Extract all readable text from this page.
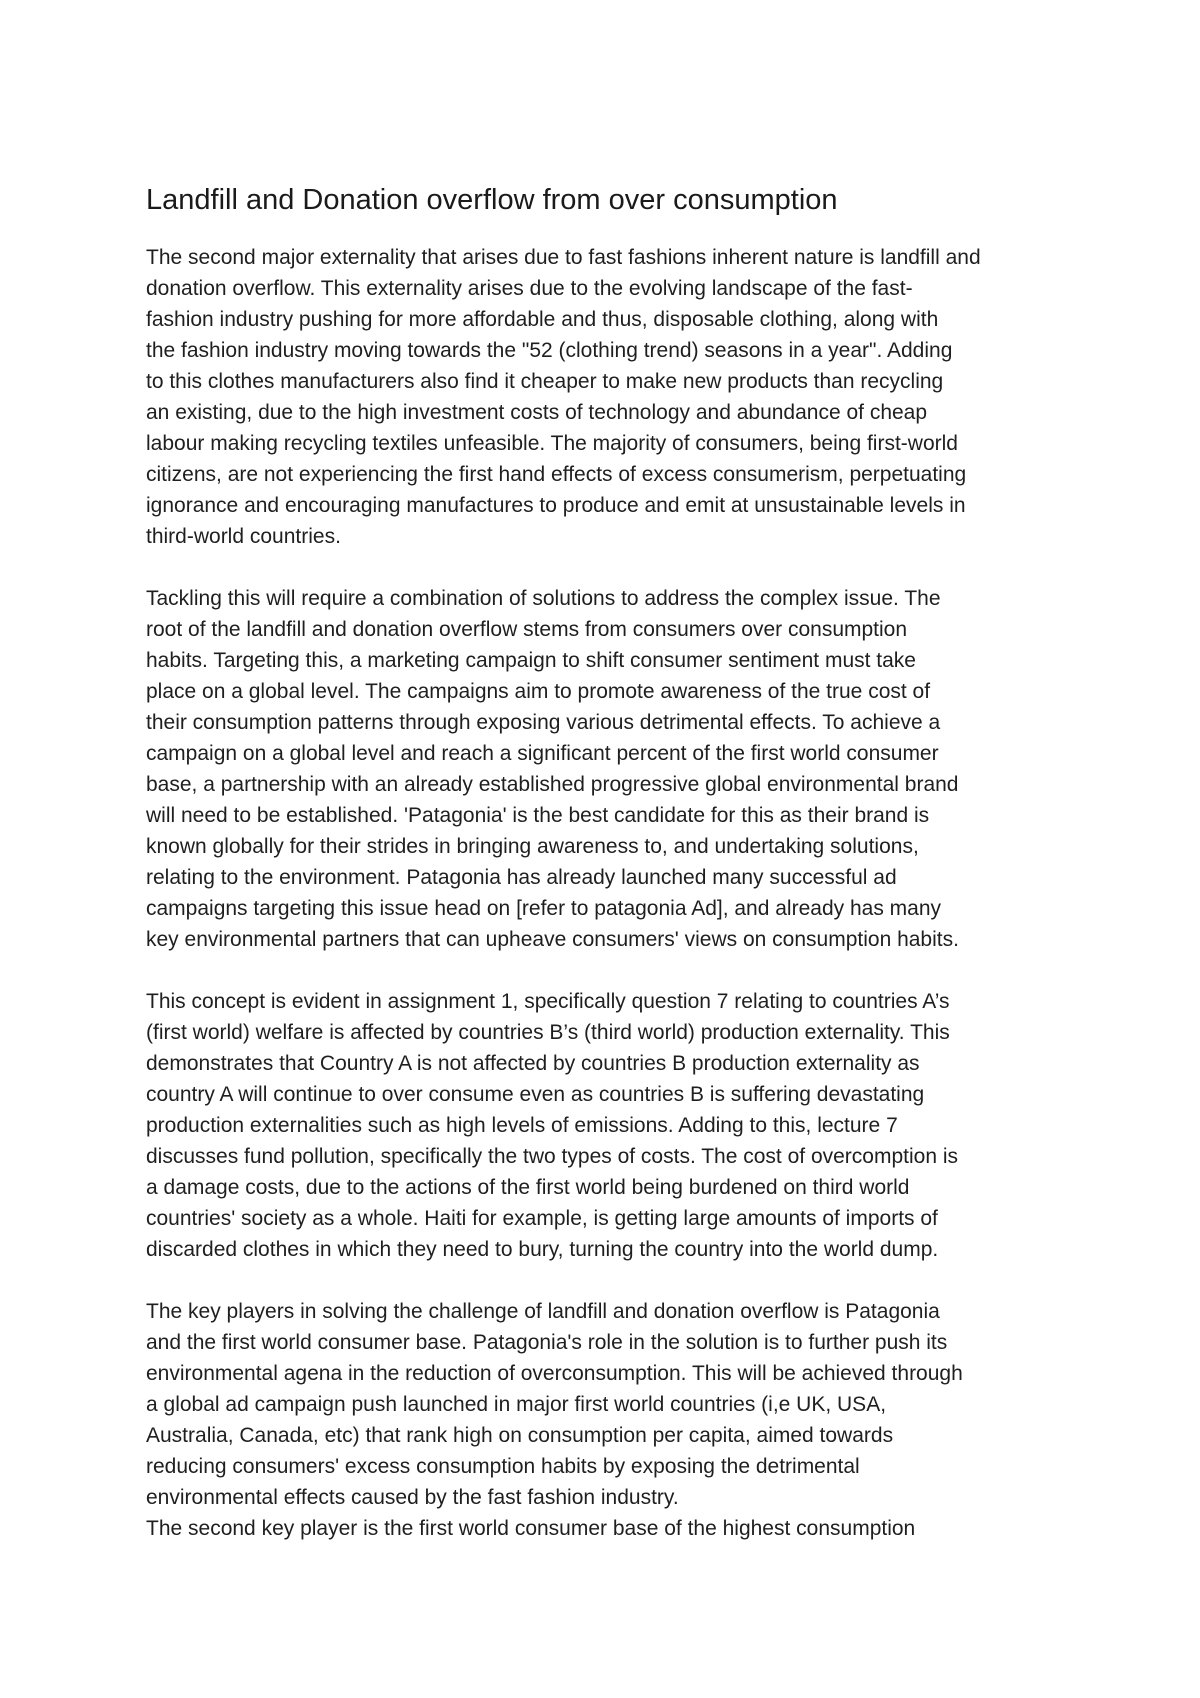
Landfill and Donation overflow from over consumption

The second major externality that arises due to fast fashions inherent nature is landfill and
donation overflow. This externality arises due to the evolving landscape of the fast-
fashion industry pushing for more affordable and thus, disposable clothing, along with
the fashion industry moving towards the "52 (clothing trend) seasons in a year". Adding
to this clothes manufacturers also find it cheaper to make new products than recycling
an existing, due to the high investment costs of technology and abundance of cheap
labour making recycling textiles unfeasible. The majority of consumers, being first-world
citizens, are not experiencing the first hand effects of excess consumerism, perpetuating
ignorance and encouraging manufactures to produce and emit at unsustainable levels in
third-world countries.

Tackling this will require a combination of solutions to address the complex issue. The
root of the landfill and donation overflow stems from consumers over consumption
habits. Targeting this, a marketing campaign to shift consumer sentiment must take
place on a global level. The campaigns aim to promote awareness of the true cost of
their consumption patterns through exposing various detrimental effects. To achieve a
campaign on a global level and reach a significant percent of the first world consumer
base, a partnership with an already established progressive global environmental brand
will need to be established. 'Patagonia' is the best candidate for this as their brand is
known globally for their strides in bringing awareness to, and undertaking solutions,
relating to the environment. Patagonia has already launched many successful ad
campaigns targeting this issue head on [refer to patagonia Ad], and already has many
key environmental partners that can upheave consumers' views on consumption habits.

This concept is evident in assignment 1, specifically question 7 relating to countries A’s
(first world) welfare is affected by countries B’s (third world) production externality. This
demonstrates that Country A is not affected by countries B production externality as
country A will continue to over consume even as countries B is suffering devastating
production externalities such as high levels of emissions. Adding to this, lecture 7
discusses fund pollution, specifically the two types of costs. The cost of overcomption is
a damage costs, due to the actions of the first world being burdened on third world
countries' society as a whole. Haiti for example, is getting large amounts of imports of
discarded clothes in which they need to bury, turning the country into the world dump.

The key players in solving the challenge of landfill and donation overflow is Patagonia
and the first world consumer base. Patagonia's role in the solution is to further push its
environmental agena in the reduction of overconsumption. This will be achieved through
a global ad campaign push launched in major first world countries (i,e UK, USA,
Australia, Canada, etc) that rank high on consumption per capita, aimed towards
reducing consumers' excess consumption habits by exposing the detrimental
environmental effects caused by the fast fashion industry.
The second key player is the first world consumer base of the highest consumption
